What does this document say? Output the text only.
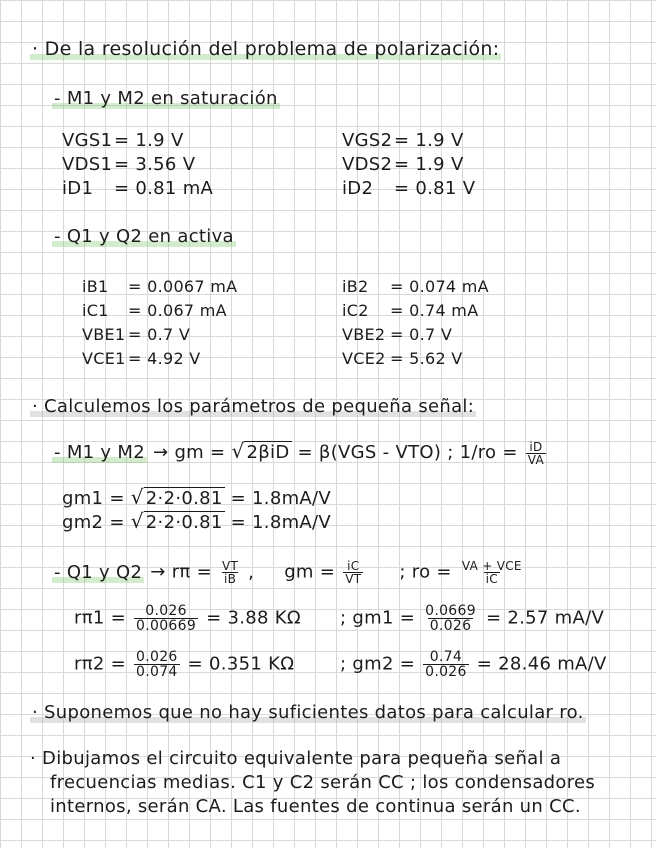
· De la resolución del problema de polarización:
- M1 y M2 en saturación
VGS1= 1.9 V
VDS1= 3.56 V
iD1 = 0.81 mA
VGS2= 1.9 V
VDS2= 1.9 V
iD2 = 0.81 V
- Q1 y Q2 en activa
iB1 = 0.0067 mA
iC1 = 0.067 mA
VBE1 = 0.7 V
VCE1 = 4.92 V
iB2 = 0.074 mA
iC2 = 0.74 mA
VBE2 = 0.7 V
VCE2 = 5.62 V
· Calculemos los parámetros de pequeña señal:
- M1 y M2 → gm = √ 2βiD = β(VGS - VTO) ; $1/ro = \frac{iD}{VA}$
gm1 = √ 2·2·0.81 = 1.8mA/V
gm2 = √ 2·2·0.81 = 1.8mA/V
- Q1 y $Q2 \to r\pi = \frac{VT}{iB}$ , gm = $\frac{iC}{VT}$ ; ro = $\frac{\text{VA + VCE}}{iC}$
$r\pi 1 = \frac{0.026}{0.00669} = 3.88$ KΩ ; $gm1 = \frac{0.0669}{0.026} = 2.57$ mA/V
$r\pi 2 = \frac{0.026}{0.074} = 0.351$ KΩ	; $gm2 = \frac{0.74}{0.026} = 28.46$ mA/V
· Suponemos que no hay suficientes datos para calcular ro.
· Dibujamos el circuito equivalente para pequeña señal a
frecuencias medias. C1 y C2 serán CC ; los condensadores
internos, serán CA. Las fuentes de continua serán un CC.
